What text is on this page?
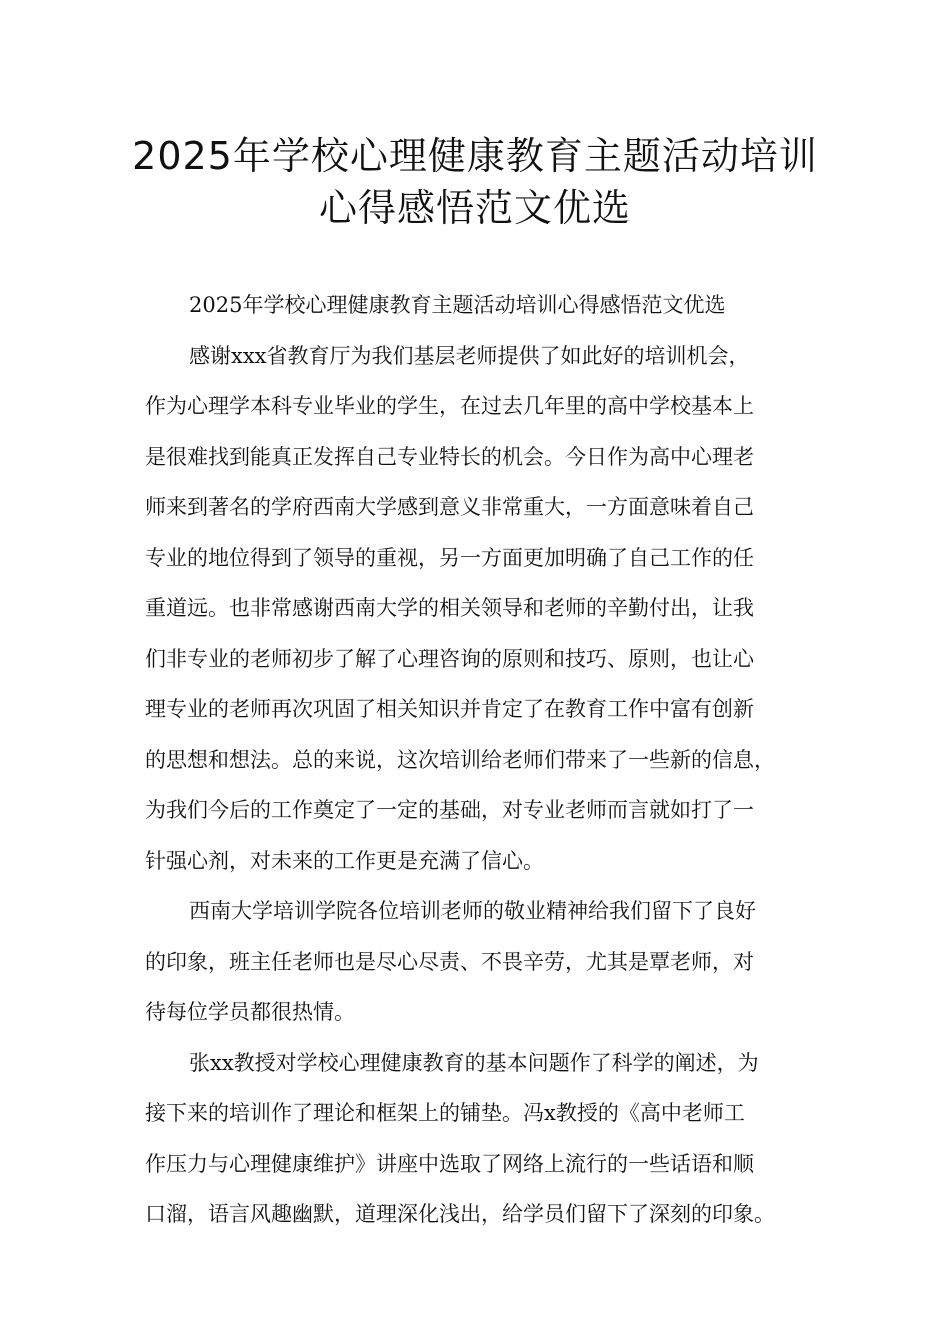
2025年学校心理健康教育主题活动培训
心得感悟范文优选

2025年学校心理健康教育主题活动培训心得感悟范文优选

感谢xxx省教育厅为我们基层老师提供了如此好的培训机会，
作为心理学本科专业毕业的学生，在过去几年里的高中学校基本上
是很难找到能真正发挥自己专业特长的机会。今日作为高中心理老
师来到著名的学府西南大学感到意义非常重大，一方面意味着自己
专业的地位得到了领导的重视，另一方面更加明确了自己工作的任
重道远。也非常感谢西南大学的相关领导和老师的辛勤付出，让我
们非专业的老师初步了解了心理咨询的原则和技巧、原则，也让心
理专业的老师再次巩固了相关知识并肯定了在教育工作中富有创新
的思想和想法。总的来说，这次培训给老师们带来了一些新的信息，
为我们今后的工作奠定了一定的基础，对专业老师而言就如打了一
针强心剂，对未来的工作更是充满了信心。

西南大学培训学院各位培训老师的敬业精神给我们留下了良好
的印象，班主任老师也是尽心尽责、不畏辛劳，尤其是覃老师，对
待每位学员都很热情。

张xx教授对学校心理健康教育的基本问题作了科学的阐述，为
接下来的培训作了理论和框架上的铺垫。冯x教授的《高中老师工
作压力与心理健康维护》讲座中选取了网络上流行的一些话语和顺
口溜，语言风趣幽默，道理深化浅出，给学员们留下了深刻的印象。
